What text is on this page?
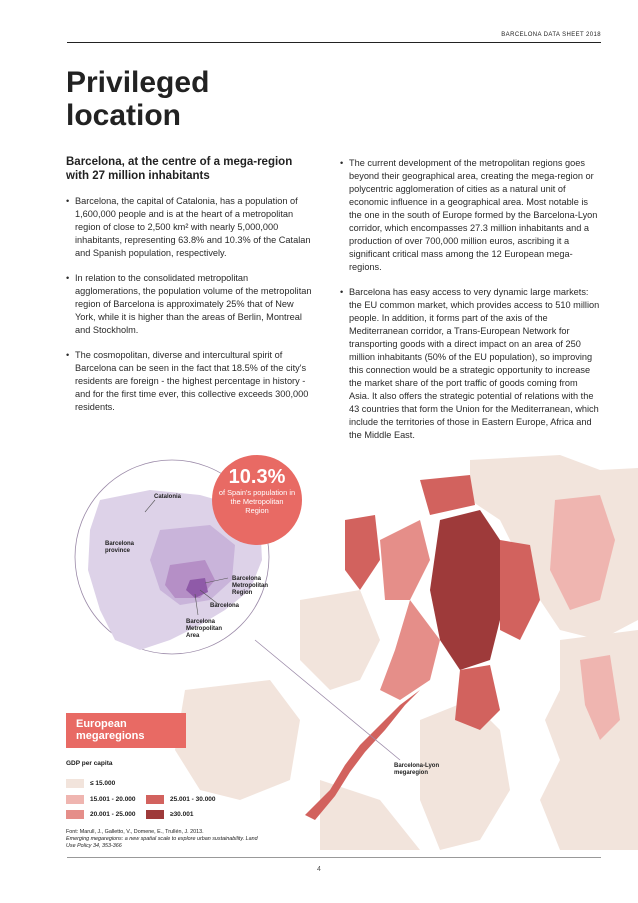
BARCELONA DATA SHEET 2018
Privileged
location

Barcelona, at the centre of a mega-region with 27 million inhabitants

• Barcelona, the capital of Catalonia, has a population of 1,600,000 people and is at the heart of a metropolitan region of close to 2,500 km² with nearly 5,000,000 inhabitants, representing 63.8% and 10.3% of the Catalan and Spanish population, respectively.
• In relation to the consolidated metropolitan agglomerations, the population volume of the metropolitan region of Barcelona is approximately 25% that of New York, while it is higher than the areas of Berlin, Montreal and Stockholm.
• The cosmopolitan, diverse and intercultural spirit of Barcelona can be seen in the fact that 18.5% of the city's residents are foreign - the highest percentage in history - and for the first time ever, this collective exceeds 300,000 residents.
• The current development of the metropolitan regions goes beyond their geographical area, creating the mega-region or polycentric agglomeration of cities as a natural unit of economic influence in a geographical area. Most notable is the one in the south of Europe formed by the Barcelona-Lyon corridor, which encompasses 27.3 million inhabitants and a production of over 700,000 million euros, ascribing it a significant critical mass among the 12 European mega-regions.
• Barcelona has easy access to very dynamic large markets: the EU common market, which provides access to 510 million people. In addition, it forms part of the axis of the Mediterranean corridor, a Trans-European Network for transporting goods with a direct impact on an area of 250 million inhabitants (50% of the EU population), so improving this connection would be a strategic opportunity to increase the market share of the port traffic of goods coming from Asia. It also offers the strategic potential of relations with the 43 countries that form the Union for the Mediterranean, which include the territories of those in Eastern Europe, Africa and the Middle East.
10.3%
of Spain's population in the Metropolitan Region
Catalonia
Barcelona province
Barcelona Metropolitan Region
Barcelona
Barcelona Metropolitan Area
Barcelona-Lyon megaregion
European megaregions
GDP per capita
≤ 15.000
15.001 - 20.000
20.001 - 25.000
25.001 - 30.000
≥30.001
Font: Marull, J., Galletto, V., Domene, E., Trullén, J. 2013.
Emerging megaregions: a new spatial scale to explore urban sustainability. Land Use Policy 34, 353-366
4
